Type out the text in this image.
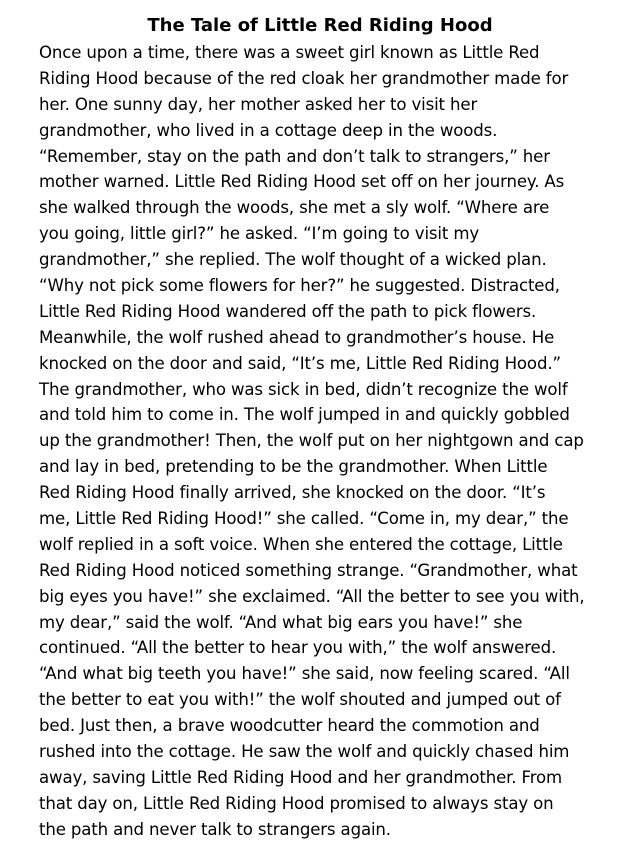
The Tale of Little Red Riding Hood
Once upon a time, there was a sweet girl known as Little Red
Riding Hood because of the red cloak her grandmother made for
her. One sunny day, her mother asked her to visit her
grandmother, who lived in a cottage deep in the woods.
“Remember, stay on the path and don’t talk to strangers,” her
mother warned. Little Red Riding Hood set off on her journey. As
she walked through the woods, she met a sly wolf. “Where are
you going, little girl?” he asked. “I’m going to visit my
grandmother,” she replied. The wolf thought of a wicked plan.
“Why not pick some flowers for her?” he suggested. Distracted,
Little Red Riding Hood wandered off the path to pick flowers.
Meanwhile, the wolf rushed ahead to grandmother’s house. He
knocked on the door and said, “It’s me, Little Red Riding Hood.”
The grandmother, who was sick in bed, didn’t recognize the wolf
and told him to come in. The wolf jumped in and quickly gobbled
up the grandmother! Then, the wolf put on her nightgown and cap
and lay in bed, pretending to be the grandmother. When Little
Red Riding Hood finally arrived, she knocked on the door. “It’s
me, Little Red Riding Hood!” she called. “Come in, my dear,” the
wolf replied in a soft voice. When she entered the cottage, Little
Red Riding Hood noticed something strange. “Grandmother, what
big eyes you have!” she exclaimed. “All the better to see you with,
my dear,” said the wolf. “And what big ears you have!” she
continued. “All the better to hear you with,” the wolf answered.
“And what big teeth you have!” she said, now feeling scared. “All
the better to eat you with!” the wolf shouted and jumped out of
bed. Just then, a brave woodcutter heard the commotion and
rushed into the cottage. He saw the wolf and quickly chased him
away, saving Little Red Riding Hood and her grandmother. From
that day on, Little Red Riding Hood promised to always stay on
the path and never talk to strangers again.
